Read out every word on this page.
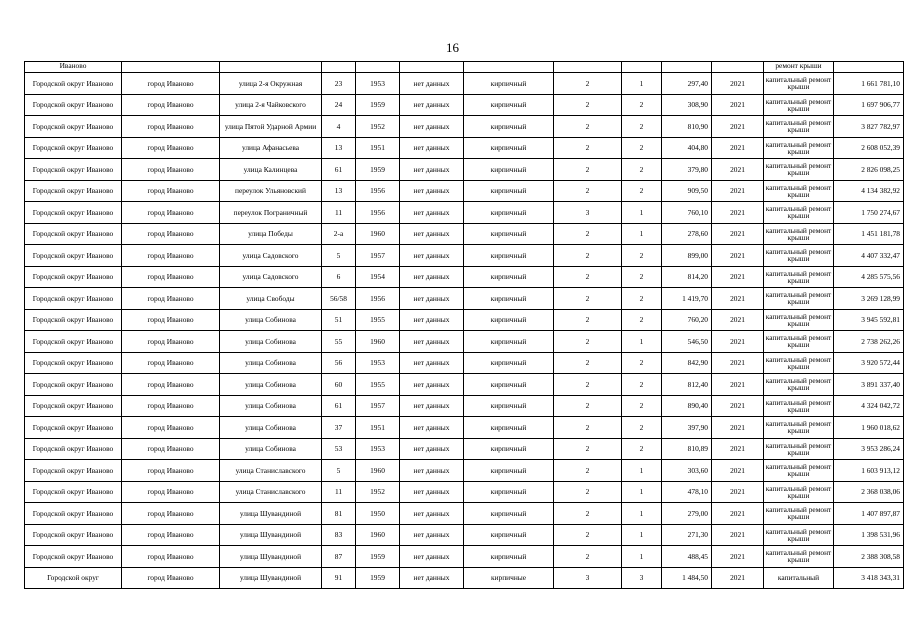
16
Иваново											ремонт крыши	
Городской округ Иваново	город Иваново	улица 2-я Окружная	23	1953	нет данных	кирпичный	2	1	297,40	2021	капитальный ремонт крыши	1 661 781,10
Городской округ Иваново	город Иваново	улица 2-я Чайковского	24	1959	нет данных	кирпичный	2	2	308,90	2021	капитальный ремонт крыши	1 697 906,77
Городской округ Иваново	город Иваново	улица Пятой Ударной Армии	4	1952	нет данных	кирпичный	2	2	810,90	2021	капитальный ремонт крыши	3 827 782,97
Городской округ Иваново	город Иваново	улица Афанасьева	13	1951	нет данных	кирпичный	2	2	404,80	2021	капитальный ремонт крыши	2 608 052,39
Городской округ Иваново	город Иваново	улица Калинцева	61	1959	нет данных	кирпичный	2	2	379,80	2021	капитальный ремонт крыши	2 826 098,25
Городской округ Иваново	город Иваново	переулок Ульяновский	13	1956	нет данных	кирпичный	2	2	909,50	2021	капитальный ремонт крыши	4 134 382,92
Городской округ Иваново	город Иваново	переулок Пограничный	11	1956	нет данных	кирпичный	3	1	760,10	2021	капитальный ремонт крыши	1 750 274,67
Городской округ Иваново	город Иваново	улица Победы	2-а	1960	нет данных	кирпичный	2	1	278,60	2021	капитальный ремонт крыши	1 451 181,78
Городской округ Иваново	город Иваново	улица Садовского	5	1957	нет данных	кирпичный	2	2	899,00	2021	капитальный ремонт крыши	4 407 332,47
Городской округ Иваново	город Иваново	улица Садовского	6	1954	нет данных	кирпичный	2	2	814,20	2021	капитальный ремонт крыши	4 285 575,56
Городской округ Иваново	город Иваново	улица Свободы	56/58	1956	нет данных	кирпичный	2	2	1 419,70	2021	капитальный ремонт крыши	3 269 128,99
Городской округ Иваново	город Иваново	улица Собинова	51	1955	нет данных	кирпичный	2	2	760,20	2021	капитальный ремонт крыши	3 945 592,81
Городской округ Иваново	город Иваново	улица Собинова	55	1960	нет данных	кирпичный	2	1	546,50	2021	капитальный ремонт крыши	2 738 262,26
Городской округ Иваново	город Иваново	улица Собинова	56	1953	нет данных	кирпичный	2	2	842,90	2021	капитальный ремонт крыши	3 920 572,44
Городской округ Иваново	город Иваново	улица Собинова	60	1955	нет данных	кирпичный	2	2	812,40	2021	капитальный ремонт крыши	3 891 337,40
Городской округ Иваново	город Иваново	улица Собинова	61	1957	нет данных	кирпичный	2	2	890,40	2021	капитальный ремонт крыши	4 324 042,72
Городской округ Иваново	город Иваново	улица Собинова	37	1951	нет данных	кирпичный	2	2	397,90	2021	капитальный ремонт крыши	1 960 018,62
Городской округ Иваново	город Иваново	улица Собинова	53	1953	нет данных	кирпичный	2	2	810,89	2021	капитальный ремонт крыши	3 953 286,24
Городской округ Иваново	город Иваново	улица Станиславского	5	1960	нет данных	кирпичный	2	1	303,60	2021	капитальный ремонт крыши	1 603 913,12
Городской округ Иваново	город Иваново	улица Станиславского	11	1952	нет данных	кирпичный	2	1	478,10	2021	капитальный ремонт крыши	2 368 038,06
Городской округ Иваново	город Иваново	улица Шувандиной	81	1950	нет данных	кирпичный	2	1	279,00	2021	капитальный ремонт крыши	1 407 897,87
Городской округ Иваново	город Иваново	улица Шувандиной	83	1960	нет данных	кирпичный	2	1	271,30	2021	капитальный ремонт крыши	1 398 531,96
Городской округ Иваново	город Иваново	улица Шувандиной	87	1959	нет данных	кирпичный	2	1	488,45	2021	капитальный ремонт крыши	2 388 308,58
Городской округ	город Иваново	улица Шувандиной	91	1959	нет данных	кирпичные	3	3	1 484,50	2021	капитальный	3 418 343,31
